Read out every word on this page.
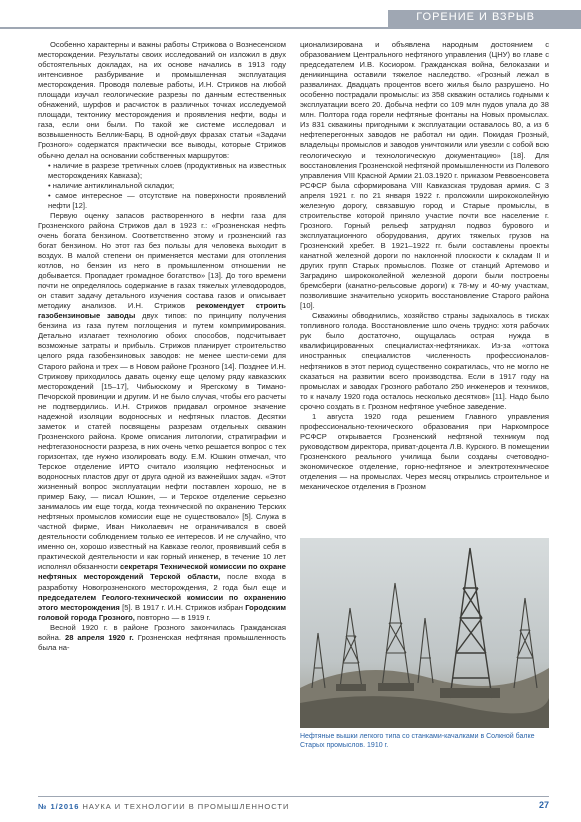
ГОРЕНИЕ И ВЗРЫВ

Особенно характерны и важны работы Стрижова о Вознесенском месторождении. Результаты своих исследований он изложил в двух обстоятельных докладах, на их основе начались в 1913 году интенсивное разбуривание и промышленная эксплуатация месторождения. Проводя полевые работы, И.Н. Стрижов на любой площади изучал геологические разрезы по данным естественных обнажений, шурфов и расчисток в различных точках исследуемой площади, тектонику месторождения и проявления нефти, воды и газа, если они были. По такой же системе исследовал и возвышенность Беллик-Барц. В одной-двух фразах статьи «Задачи Грозного» содержатся практически все выводы, которые Стрижов обычно делал на основании собственных маршрутов:

• наличие в разрезе третичных слоев (продуктивных на известных месторождениях Кавказа);

• наличие антиклинальной складки;

• самое интересное — отсутствие на поверхности проявлений нефти [12].

Первую оценку запасов растворенного в нефти газа для Грозненского района Стрижов дал в 1923 г.: «Грозненская нефть очень богата бензином. Соответственно этому и грозненский газ богат бензином. Но этот газ без пользы для человека выходит в воздух. В малой степени он применяется местами для отопления котлов, но бензин из него в промышленном отношении не добывается. Пропадает громадное богатство» [13]. До того времени почти не определялось содержание в газах тяжелых углеводородов, он ставит задачу детального изучения состава газов и описывает методику анализов. И.Н. Стрижов рекомендует строить газобензиновые заводы двух типов: по принципу получения бензина из газа путем поглощения и путем компримирования. Детально излагает технологию обоих способов, подсчитывает возможные затраты и прибыль. Стрижов планирует строительство целого ряда газобензиновых заводов: не менее шести-семи для Старого района и трех — в Новом районе Грозного [14]. Позднее И.Н. Стрижову приходилось давать оценку еще целому ряду кавказских месторождений [15–17], Чибьюскому и Ярегскому в Тимано-Печорской провинции и другим. И не было случая, чтобы его расчеты не подтвердились. И.Н. Стрижов придавал огромное значение надежной изоляции водоносных и нефтяных пластов. Десятки заметок и статей посвящены разрезам отдельных скважин Грозненского района. Кроме описания литологии, стратиграфии и нефтегазоносности разреза, в них очень четко решается вопрос с тех горизонтах, где нужно изолировать воду. Е.М. Юшкин отмечал, что Терское отделение ИРТО считало изоляцию нефтеносных и водоносных пластов друг от друга одной из важнейших задач. «Этот жизненный вопрос эксплуатации нефти поставлен хорошо, не в пример Баку, — писал Юшкин, — и Терское отделение серьезно занималось им еще тогда, когда технической по охранению Терских нефтяных промыслов комиссии еще не существовало» [5]. Служа в частной фирме, Иван Николаевич не ограничивался в своей деятельности соблюдением только ее интересов. И не случайно, что именно он, хорошо известный на Кавказе геолог, проявивший себя в практической деятельности и как горный инженер, в течение 10 лет исполнял обязанности секретаря Технической комиссии по охране нефтяных месторождений Терской области, после входа в разработку Новогрозненского месторождения, 2 года был еще и председателем Геолого-технической комиссии по охранению этого месторождения [5]. В 1917 г. И.Н. Стрижов избран Городским головой города Грозного, повторно — в 1919 г.

Весной 1920 г. в районе Грозного закончилась Гражданская война. 28 апреля 1920 г. Грозненская нефтяная промышленность была на-

ционализирована и объявлена народным достоянием с образованием Центрального нефтяного управления (ЦНУ) во главе с председателем И.В. Косиором. Гражданская война, белоказаки и деникинщина оставили тяжелое наследство. «Грозный лежал в развалинах. Двадцать процентов всего жилья было разрушено. Но особенно пострадали промыслы: из 358 скважин остались годными к эксплуатации всего 20. Добыча нефти со 109 млн пудов упала до 38 млн. Полтора года горели нефтяные фонтаны на Новых промыслах. Из 831 скважины пригодными к эксплуатации оставалось 80, а из 6 нефтеперегонных заводов не работал ни один. Покидая Грозный, владельцы промыслов и заводов уничтожили или увезли с собой всю геологическую и технологическую документацию» [18]. Для восстановления Грозненской нефтяной промышленности из Полевого управления VIII Красной Армии 21.03.1920 г. приказом Реввоенсовета РСФСР была сформирована VIII Кавказская трудовая армия. С 3 апреля 1921 г. по 21 января 1922 г. проложили ширококолейную железную дорогу, связавшую город и Старые промыслы, в строительстве которой приняло участие почти все население г. Грозного. Горный рельеф затруднял подвоз бурового и эксплуатационного оборудования, других тяжелых грузов на Грозненский хребет. В 1921–1922 гг. были составлены проекты канатной железной дороги по наклонной плоскости к складам II и других групп Старых промыслов. Позже от станций Артемово и Заградино ширококолейной железной дороги были построены бремсберги (канатно-рельсовые дороги) к 78-му и 40-му участкам, позволившие значительно ускорить восстановление Старого района [10].

Скважины обводнились, хозяйство страны задыхалось в тисках топливного голода. Восстановление шло очень трудно: хотя рабочих рук было достаточно, ощущалась острая нужда в квалифицированных специалистах-нефтяниках. Из-за «оттока иностранных специалистов численность профессионалов-нефтяников в этот период существенно сократилась, что не могло не сказаться на развитии всего производства. Если в 1917 году на промыслах и заводах Грозного работало 250 инженеров и техников, то к началу 1920 года осталось несколько десятков» [11]. Надо было срочно создать в г. Грозном нефтяное учебное заведение.

1 августа 1920 года решением Главного управления профессионально-технического образования при Наркомпросе РСФСР открывается Грозненский нефтяной техникум под руководством директора, приват-доцента Л.В. Курского. В помещении Грозненского реального училища были созданы счетоводно-экономическое отделение, горно-нефтяное и электротехническое отделения — на промыслах. Через месяц открылись строительное и механическое отделения в Грозном

Нефтяные вышки легкого типа со станками-качалками в Солкной балке Старых промыслов. 1910 г.
№ 1/2016 НАУКА И ТЕХНОЛОГИИ В ПРОМЫШЛЕННОСТИ	27
